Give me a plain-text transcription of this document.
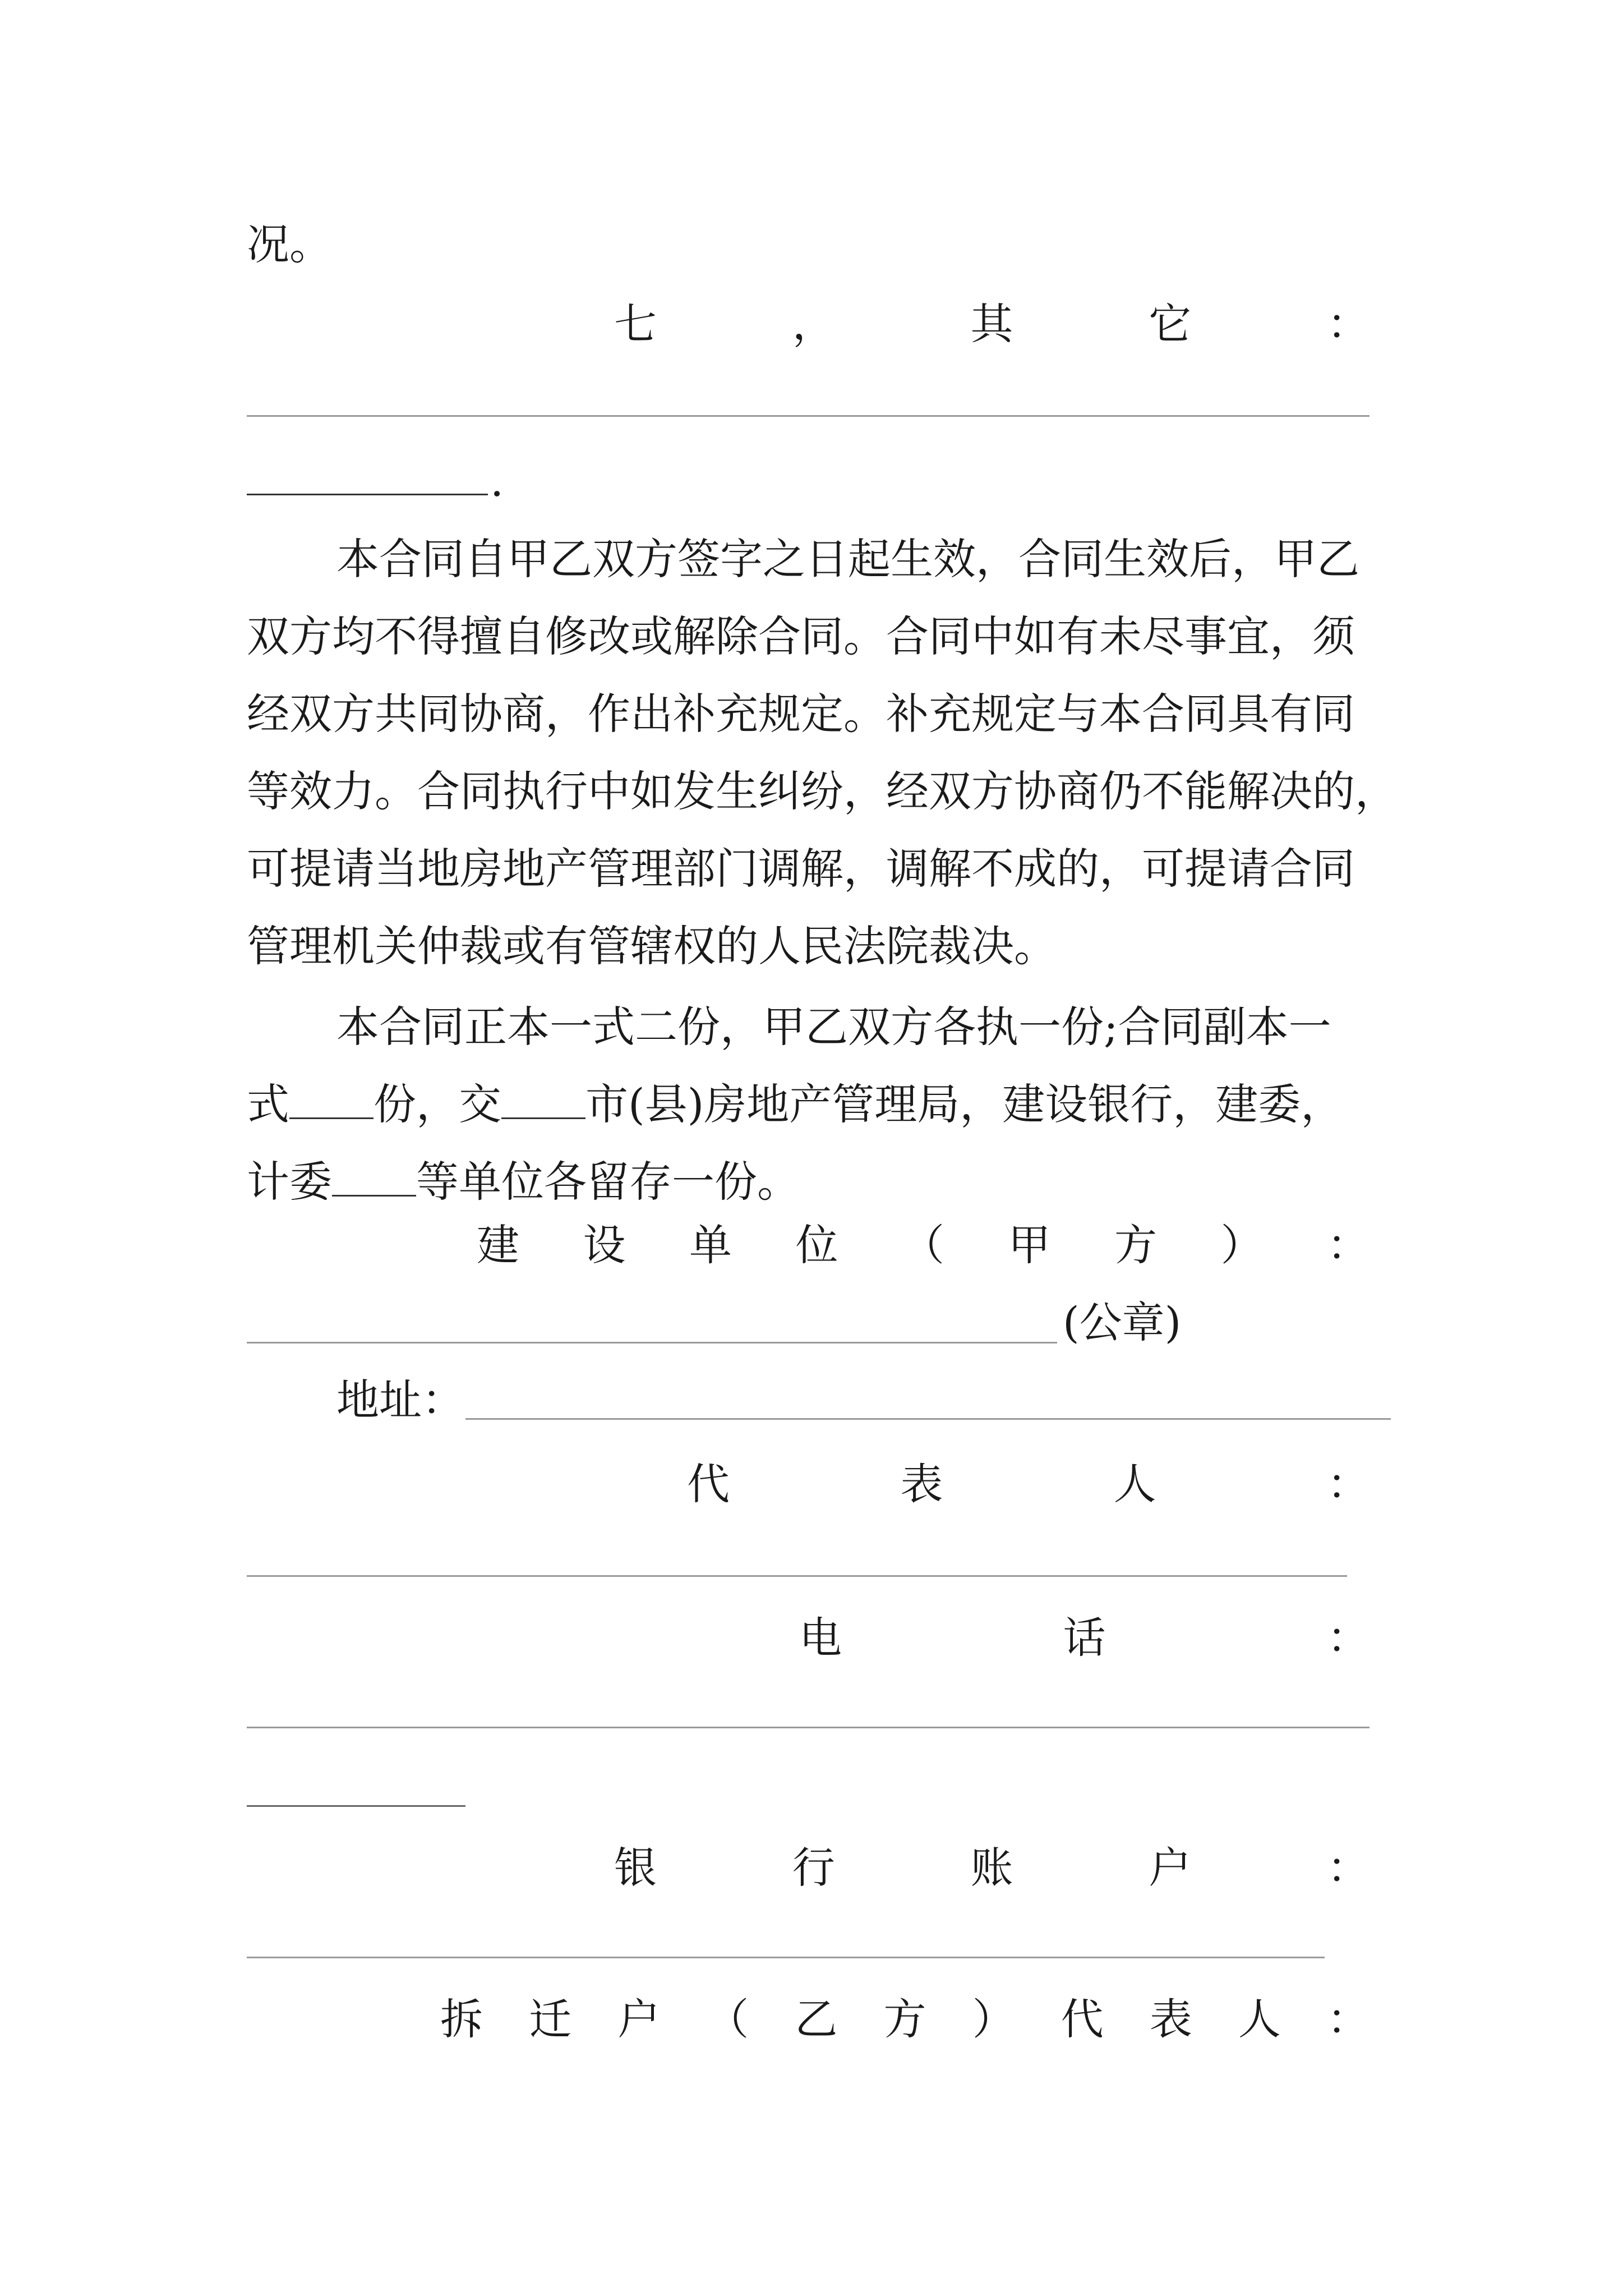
况。
七	，	其	它	：
.
本合同自甲乙双方签字之日起生效，合同生效后，甲乙
双方均不得擅自修改或解除合同。合同中如有未尽事宜，须
经双方共同协商，作出补充规定。补充规定与本合同具有同
等效力。合同执行中如发生纠纷，经双方协商仍不能解决的，
可提请当地房地产管理部门调解，调解不成的，可提请合同
管理机关仲裁或有管辖权的人民法院裁决。
本合同正本一式二份，甲乙双方各执一份;合同副本一
式 份，交 市(县)房地产管理局，建设银行，建委，
计委 等单位各留存一份。
建 设 单 位 （ 甲 方 ） ：
(公章)
地址：
代	表	人	：
电	话	：
银	行	账	户	：
拆 迁 户 （ 乙 方 ） 代 表 人 ：
